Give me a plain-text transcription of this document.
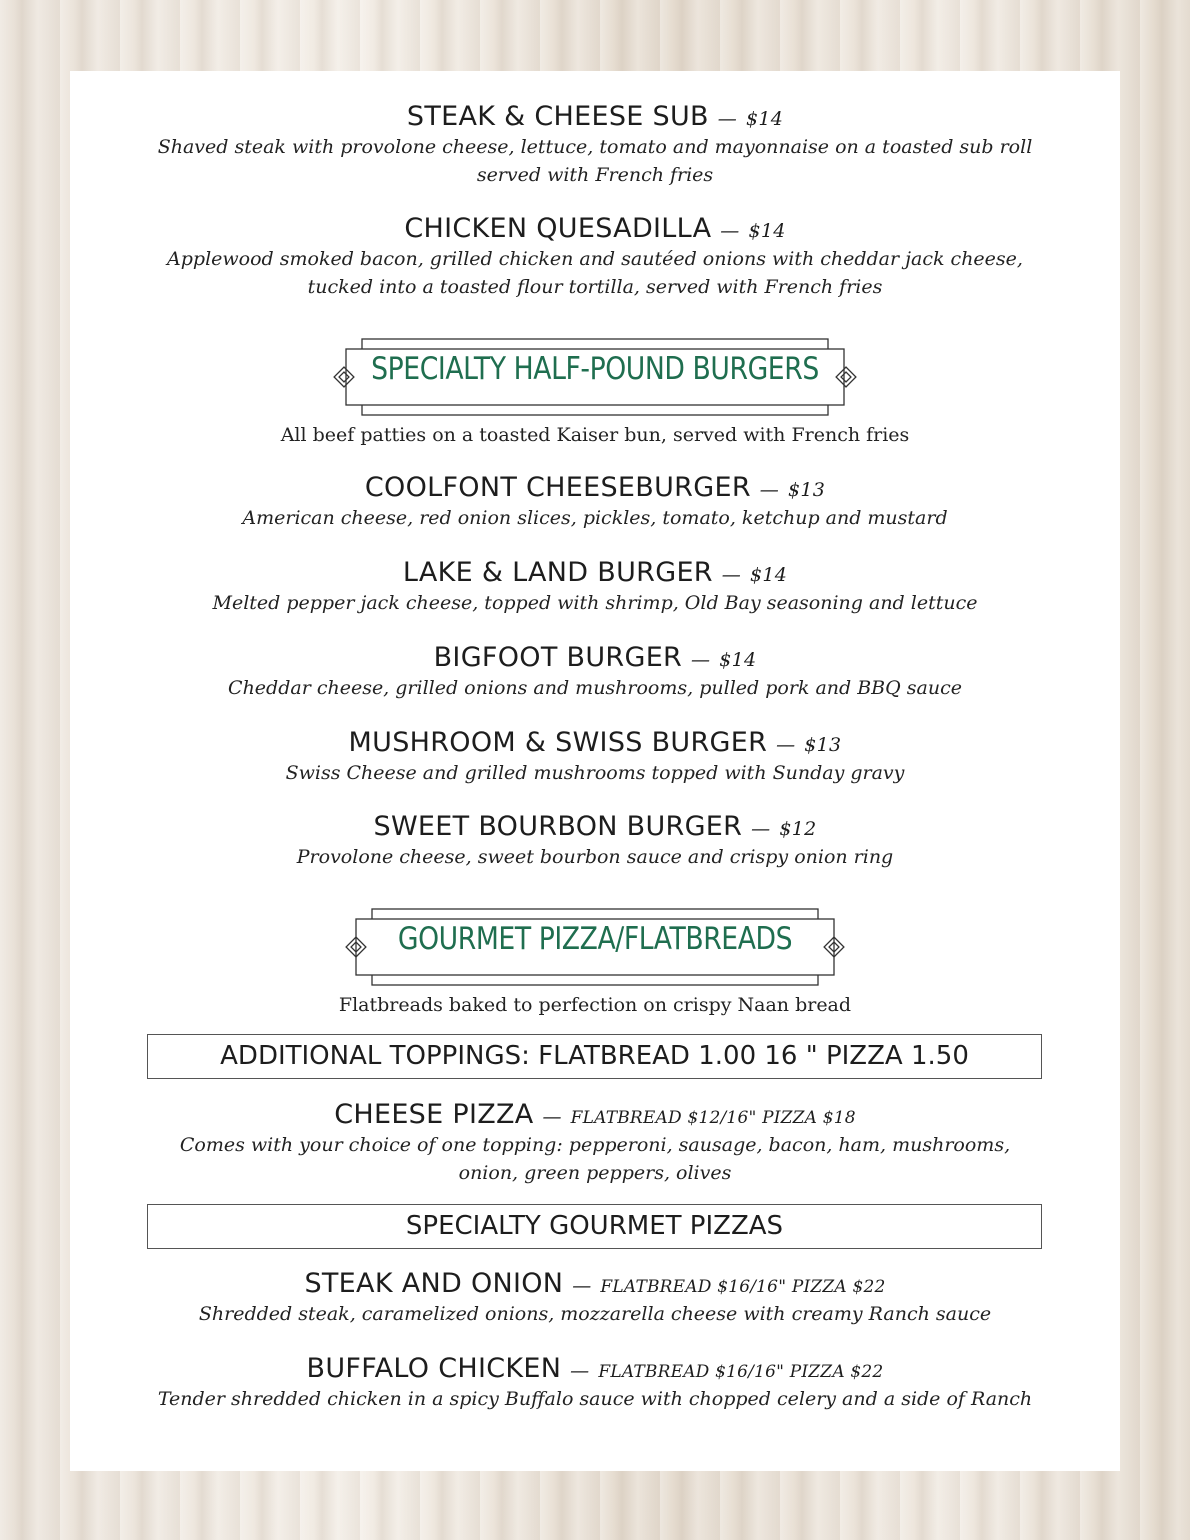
STEAK & CHEESE SUB — $14
Shaved steak with provolone cheese, lettuce, tomato and mayonnaise on a toasted sub roll
served with French fries
CHICKEN QUESADILLA — $14
Applewood smoked bacon, grilled chicken and sautéed onions with cheddar jack cheese,
tucked into a toasted flour tortilla, served with French fries
SPECIALTY HALF-POUND BURGERS
All beef patties on a toasted Kaiser bun, served with French fries
COOLFONT CHEESEBURGER — $13
American cheese, red onion slices, pickles, tomato, ketchup and mustard
LAKE & LAND BURGER — $14
Melted pepper jack cheese, topped with shrimp, Old Bay seasoning and lettuce
BIGFOOT BURGER — $14
Cheddar cheese, grilled onions and mushrooms, pulled pork and BBQ sauce
MUSHROOM & SWISS BURGER — $13
Swiss Cheese and grilled mushrooms topped with Sunday gravy
SWEET BOURBON BURGER — $12
Provolone cheese, sweet bourbon sauce and crispy onion ring
GOURMET PIZZA/FLATBREADS
Flatbreads baked to perfection on crispy Naan bread
ADDITIONAL TOPPINGS: FLATBREAD 1.00 16 " PIZZA 1.50
CHEESE PIZZA — FLATBREAD $12/16" PIZZA $18
Comes with your choice of one topping: pepperoni, sausage, bacon, ham, mushrooms,
onion, green peppers, olives
SPECIALTY GOURMET PIZZAS
STEAK AND ONION — FLATBREAD $16/16" PIZZA $22
Shredded steak, caramelized onions, mozzarella cheese with creamy Ranch sauce
BUFFALO CHICKEN — FLATBREAD $16/16" PIZZA $22
Tender shredded chicken in a spicy Buffalo sauce with chopped celery and a side of Ranch
